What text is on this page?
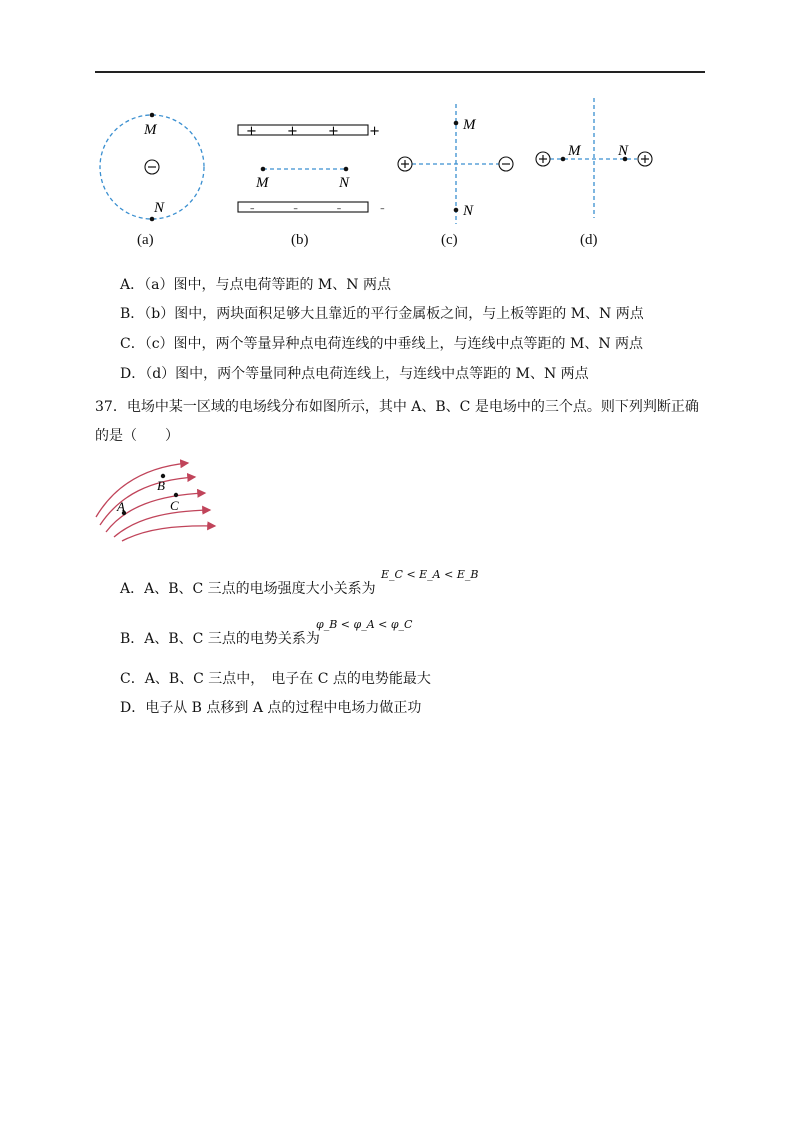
M
N
+ + + +
– – – –
M	N
M
N
M	N
(a)	(b)	(c)	(d)
A．（a）图中，与点电荷等距的 M、N 两点
B．（b）图中，两块面积足够大且靠近的平行金属板之间，与上板等距的 M、N 两点
C．（c）图中，两个等量异种点电荷连线的中垂线上，与连线中点等距的 M、N 两点
D．（d）图中，两个等量同种点电荷连线上，与连线中点等距的 M、N 两点
37．电场中某一区域的电场线分布如图所示，其中 A、B、C 是电场中的三个点。则下列判断正确
的是（　　）
A
B
C
A．A、B、C 三点的电场强度大小关系为
E_C < E_A < E_B
B．A、B、C 三点的电势关系为
φ_B < φ_A < φ_C
C．A、B、C 三点中，　电子在 C 点的电势能最大
D．电子从 B 点移到 A 点的过程中电场力做正功
